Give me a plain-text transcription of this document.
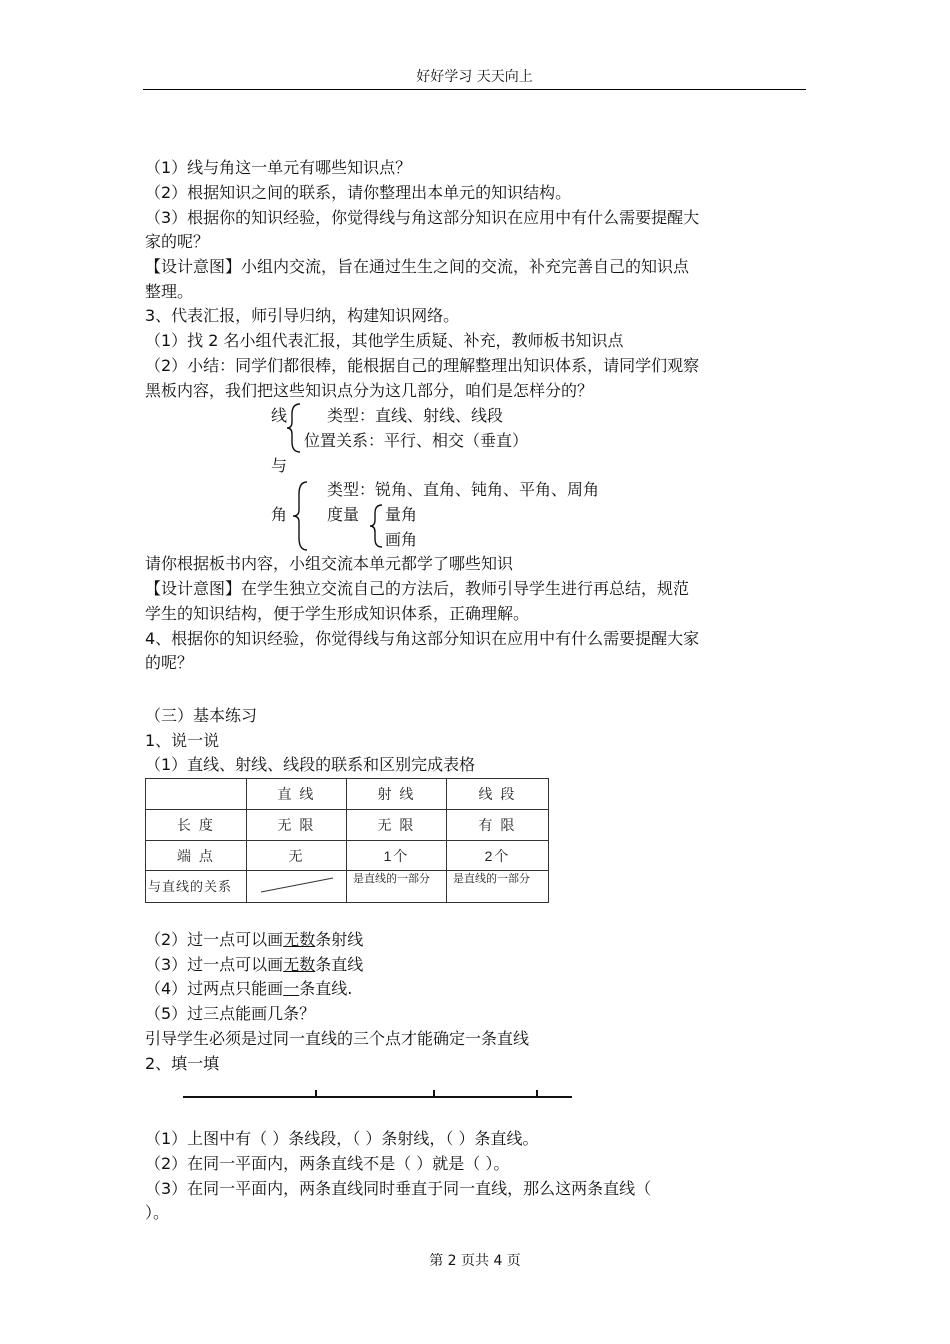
好好学习 天天向上
（1）线与角这一单元有哪些知识点？
（2）根据知识之间的联系，请你整理出本单元的知识结构。
（3）根据你的知识经验，你觉得线与角这部分知识在应用中有什么需要提醒大
家的呢？
【设计意图】小组内交流，旨在通过生生之间的交流，补充完善自己的知识点
整理。
3、代表汇报，师引导归纳，构建知识网络。
（1）找 2 名小组代表汇报，其他学生质疑、补充，教师板书知识点
（2）小结：同学们都很棒，能根据自己的理解整理出知识体系，请同学们观察
黑板内容，我们把这些知识点分为这几部分，咱们是怎样分的？
线 类型：直线、射线、线段
位置关系：平行、相交（垂直）
与
角
类型：锐角、直角、钝角、平角、周角
度量 量角
画角
请你根据板书内容，小组交流本单元都学了哪些知识
【设计意图】在学生独立交流自己的方法后，教师引导学生进行再总结，规范
学生的知识结构，便于学生形成知识体系，正确理解。
4、根据你的知识经验，你觉得线与角这部分知识在应用中有什么需要提醒大家
的呢？
（三）基本练习
1、说一说
（1）直线、射线、线段的联系和区别完成表格
	直 线	射 线	线 段
长 度	无 限	无 限	有 限
端 点	无	1个	2个
与直线的关系		是直线的一部分	是直线的一部分
（2）过一点可以画无数条射线
（3）过一点可以画无数条直线
（4）过两点只能画一条直线.
（5）过三点能画几条？
引导学生必须是过同一直线的三个点才能确定一条直线
2、填一填
（1）上图中有（ ）条线段，（ ）条射线，（ ）条直线。
（2）在同一平面内，两条直线不是（ ）就是（ ）。
（3）在同一平面内，两条直线同时垂直于同一直线，那么这两条直线（
）。
第 2 页共 4 页
